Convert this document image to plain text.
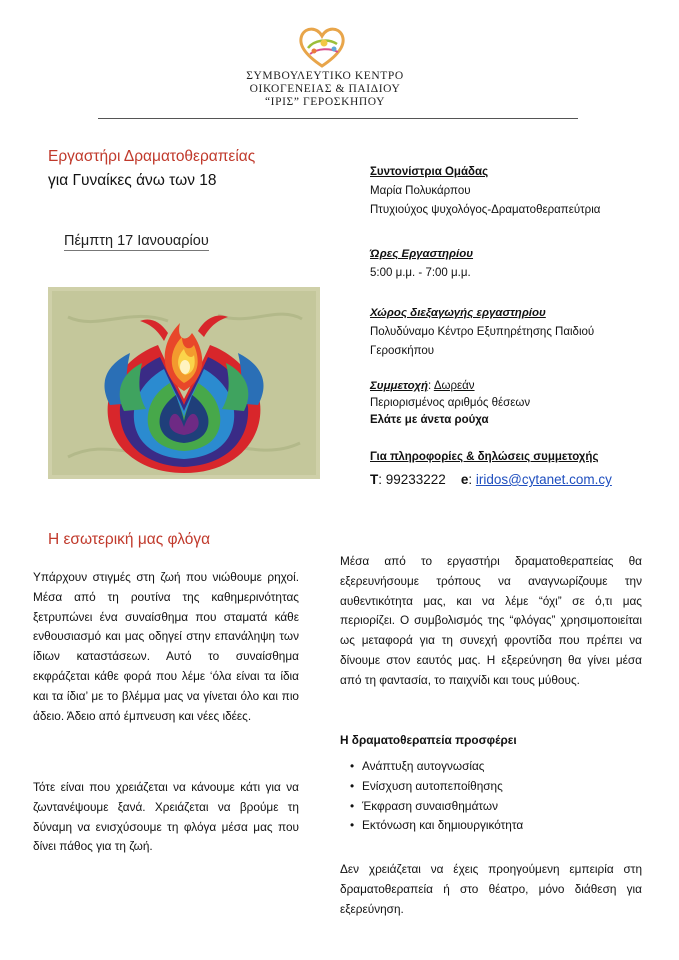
ΣΥΜΒΟΥΛΕΥΤΙΚΟ ΚΕΝΤΡΟ
ΟΙΚΟΓΕΝΕΙΑΣ & ΠΑΙΔΙΟΥ
“ΙΡΙΣ” ΓΕΡΟΣΚΗΠΟΥ
Εργαστήρι Δραματοθεραπείας
για Γυναίκες άνω των 18
Πέμπτη 17 Ιανουαρίου
Συντονίστρια Ομάδας
Μαρία Πολυκάρπου
Πτυχιούχος ψυχολόγος-Δραματοθεραπεύτρια
Ώρες Εργαστηρίου
5:00 μ.μ. - 7:00 μ.μ.
Χώρος διεξαγωγής εργαστηρίου
Πολυδύναμο Κέντρο Εξυπηρέτησης Παιδιού
Γεροσκήπου
Συμμετοχή: Δωρεάν
Περιορισμένος αριθμός θέσεων
Ελάτε με άνετα ρούχα
Για πληροφορίες & δηλώσεις συμμετοχής
Τ: 99233222 e: iridos@cytanet.com.cy
Η εσωτερική μας φλόγα
Υπάρχουν στιγμές στη ζωή που νιώθουμε ρηχοί. Μέσα από τη ρουτίνα της καθημερινότητας ξετρυπώνει ένα συναίσθημα που σταματά κάθε ενθουσιασμό και μας οδηγεί στην επανάληψη των ίδιων καταστάσεων. Αυτό το συναίσθημα εκφράζεται κάθε φορά που λέμε ‘όλα είναι τα ίδια και τα ίδια’ με το βλέμμα μας να γίνεται όλο και πιο άδειο. Άδειο από έμπνευση και νέες ιδέες.
Τότε είναι που χρειάζεται να κάνουμε κάτι για να ζωντανέψουμε ξανά. Χρειάζεται να βρούμε τη δύναμη να ενισχύσουμε τη φλόγα μέσα μας που δίνει πάθος για τη ζωή.
Μέσα από το εργαστήρι δραματοθεραπείας θα εξερευνήσουμε τρόπους να αναγνωρίζουμε την αυθεντικότητα μας, και να λέμε “όχι” σε ό,τι μας περιορίζει. Ο συμβολισμός της “φλόγας” χρησιμοποιείται ως μεταφορά για τη συνεχή φροντίδα που πρέπει να δίνουμε στον εαυτός μας. Η εξερεύνηση θα γίνει μέσα από τη φαντασία, το παιχνίδι και τους μύθους.
Η δραματοθεραπεία προσφέρει
• Ανάπτυξη αυτογνωσίας
• Ενίσχυση αυτοπεποίθησης
• Έκφραση συναισθημάτων
• Εκτόνωση και δημιουργικότητα
Δεν χρειάζεται να έχεις προηγούμενη εμπειρία στη δραματοθεραπεία ή στο θέατρο, μόνο διάθεση για εξερεύνηση.
